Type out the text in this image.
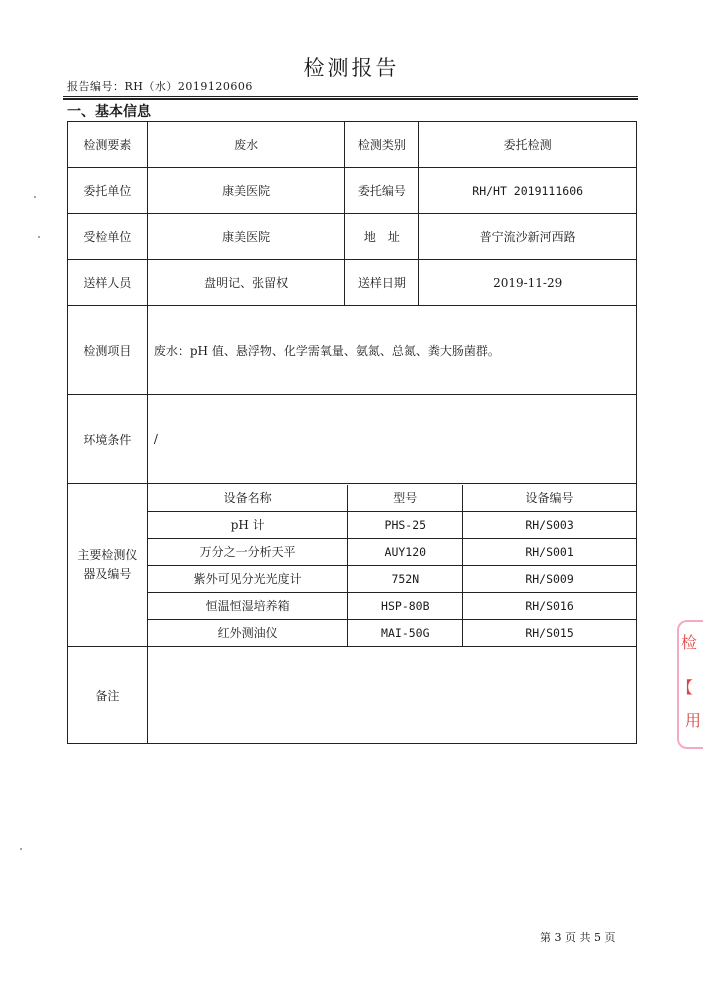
检测报告
报告编号：RH（水）2019120606
一、基本信息
检测要素	废水	检测类别	委托检测
委托单位	康美医院	委托编号	RH/HT 2019111606
受检单位	康美医院	地　址	普宁流沙新河西路
送样人员	盘明记、张留权	送样日期	2019-11-29
检测项目	废水：pH 值、悬浮物、化学需氧量、氨氮、总氮、粪大肠菌群。
环境条件	/
主要检测仪器及编号	
设备名称	型号	设备编号
pH 计	PHS-25	RH/S003
万分之一分析天平	AUY120	RH/S001
紫外可见分光光度计	752N	RH/S009
恒温恒湿培养箱	HSP-80B	RH/S016
红外测油仪	MAI-50G	RH/S015

备注	
第 3 页 共 5 页
检
【
用
